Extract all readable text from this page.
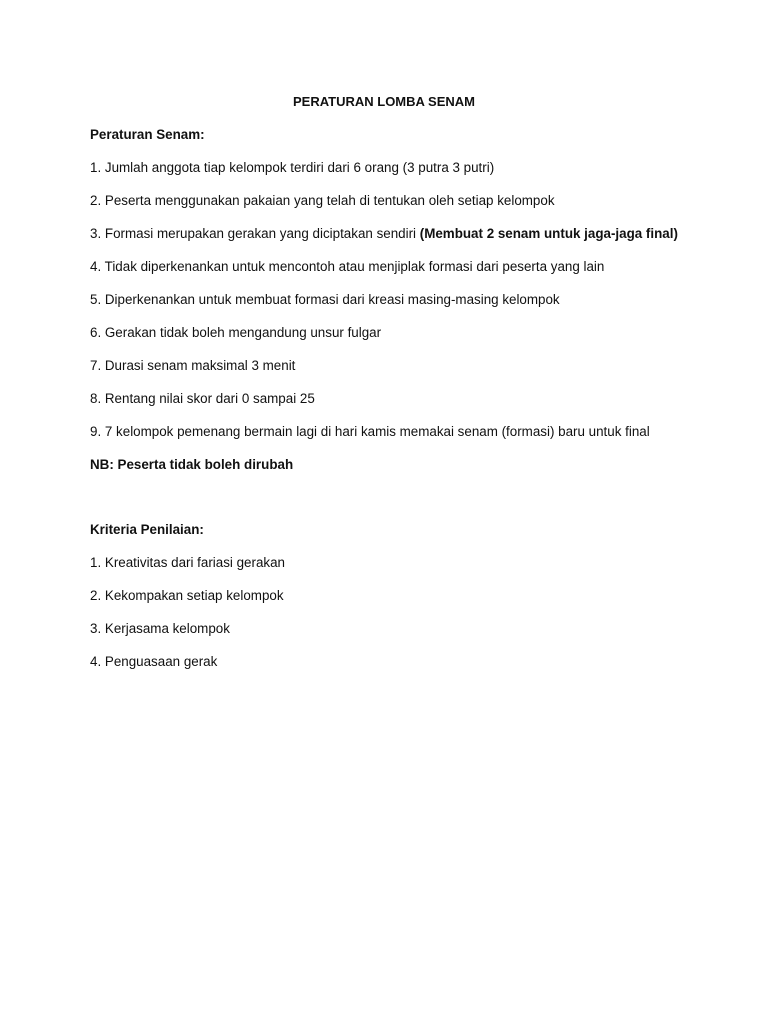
PERATURAN LOMBA SENAM
Peraturan Senam:
1. Jumlah anggota tiap kelompok terdiri dari 6 orang (3 putra 3 putri)
2. Peserta menggunakan pakaian yang telah di tentukan oleh setiap kelompok
3. Formasi merupakan gerakan yang diciptakan sendiri (Membuat 2 senam untuk jaga-jaga final)
4. Tidak diperkenankan untuk mencontoh atau menjiplak formasi dari peserta yang lain
5. Diperkenankan untuk membuat formasi dari kreasi masing-masing kelompok
6. Gerakan tidak boleh mengandung unsur fulgar
7. Durasi senam maksimal 3 menit
8. Rentang nilai skor dari 0 sampai 25
9. 7 kelompok pemenang bermain lagi di hari kamis memakai senam (formasi) baru untuk final
NB: Peserta tidak boleh dirubah
Kriteria Penilaian:
1. Kreativitas dari fariasi gerakan
2. Kekompakan setiap kelompok
3. Kerjasama kelompok
4. Penguasaan gerak
